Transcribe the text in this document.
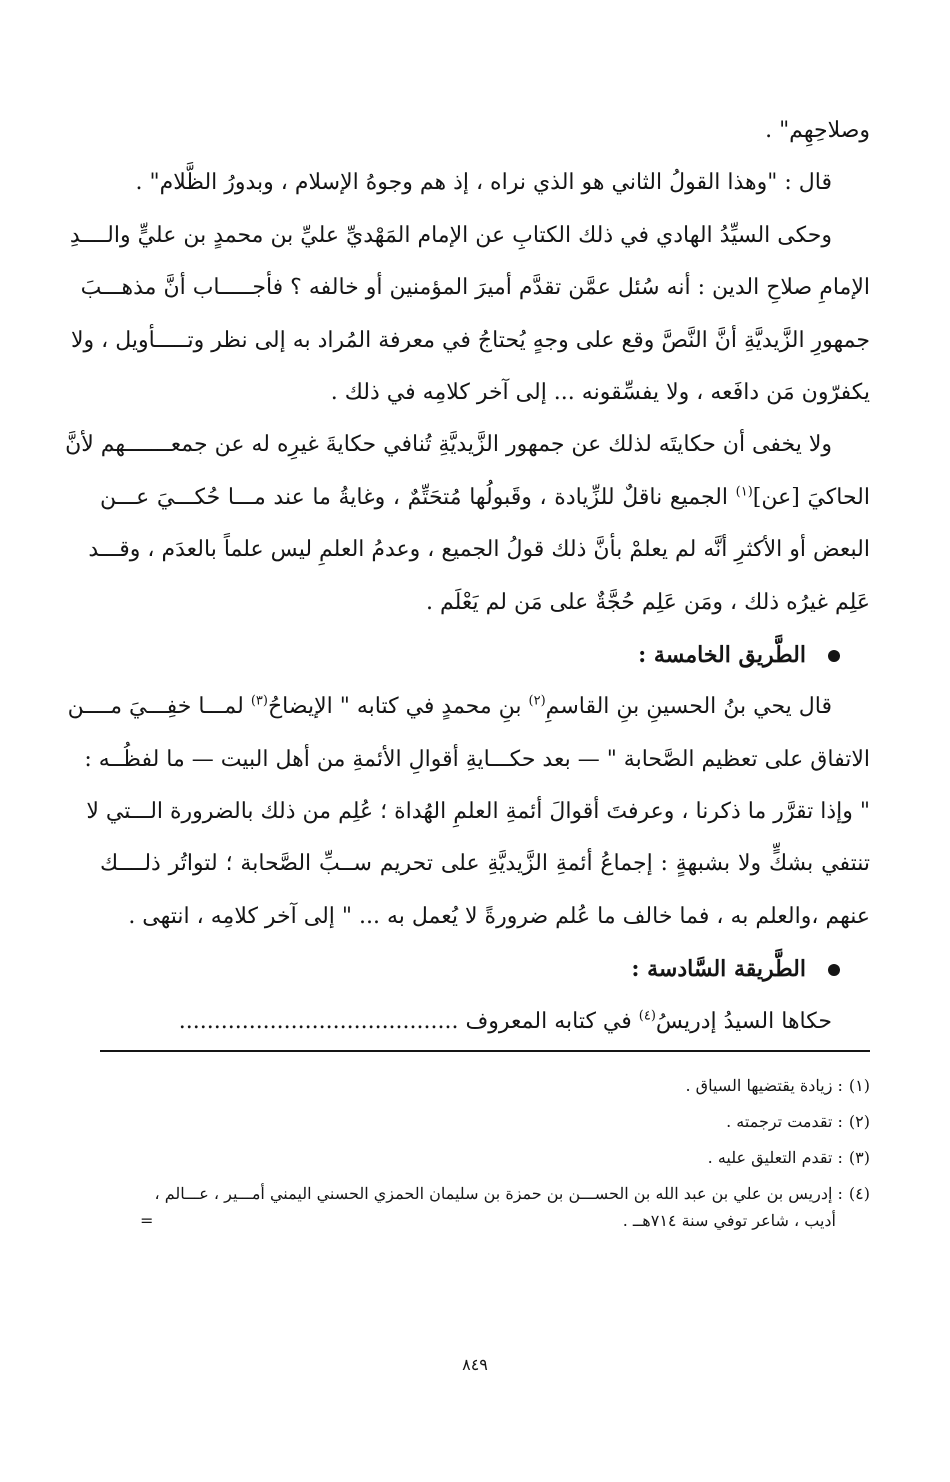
وصلاحِهِم" .
قال : "وهذا القولُ الثاني هو الذي نراه ، إذ هم وجوهُ الإسلام ، وبدورُ الظَّلام" .
وحكى السيِّدُ الهادي في ذلك الكتابِ عن الإمام المَهْديِّ عليِّ بن محمدٍ بن عليٍّ والــــدِ
الإمامِ صلاحِ الدين : أنه سُئل عمَّن تقدَّم أميرَ المؤمنين أو خالفه ؟ فأجـــــاب أنَّ مذهـــبَ
جمهورِ الزَّيديَّةِ أنَّ النَّصَّ وقع على وجهٍ يُحتاجُ في معرفة المُراد به إلى نظر وتـــــأويل ، ولا
يكفرّون مَن دافَعه ، ولا يفسِّقونه ... إلى آخر كلامِه في ذلك .
ولا يخفى أن حكايتَه لذلك عن جمهور الزَّيديَّةِ تُنافي حكايةَ غيرِه له عن جمعـــــــهم لأنَّ
الحاكيَ [عن]$^{(١)}$ الجميع ناقلٌ للزِّيادة ، وقَبولُها مُتحَتِّمٌ ، وغايةُ ما عند مـــا حُكـــيَ عـــن
البعض أو الأكثرِ أنَّه لم يعلمْ بأنَّ ذلك قولُ الجميع ، وعدمُ العلمِ ليس علماً بالعدَم ، وقـــد
عَلِم غيرُه ذلك ، ومَن عَلِم حُجَّةٌ على مَن لم يَعْلَم .
الطَّريق الخامسة :
قال يحي بنُ الحسينِ بنِ القاسمِ$^{(٢)}$ بنِ محمدٍ في كتابه " الإيضاحُ$^{(٣)}$ لمـــا خفِـــيَ مــــن
الاتفاق على تعظيم الصَّحابة " — بعد حكـــايةِ أقوالِ الأئمةِ من أهل البيت — ما لفظُــه :
" وإذا تقرَّر ما ذكرنا ، وعرفتَ أقوالَ أئمةِ العلمِ الهُداة ؛ عُلِم من ذلك بالضرورة الـــتي لا
تنتفي بشكٍّ ولا بشبهةٍ : إجماعُ أئمةِ الزَّيديَّةِ على تحريم ســبِّ الصَّحابة ؛ لتواتُر ذلــــك
عنهم ،والعلم به ، فما خالف ما عُلم ضرورةً لا يُعمل به ... " إلى آخر كلامِه ، انتهى .
الطَّريقة السَّادسة :
حكاها السيدُ إدريسُ$^{(٤)}$ في كتابه المعروف ........................................
(١): زيادة يقتضيها السياق .
(٢): تقدمت ترجمته .
(٣): تقدم التعليق عليه .
(٤): إدريس بن علي بن عبد الله بن الحســـن بن حمزة بن سليمان الحمزي الحسني اليمني أمـــير ، عـــالم ،
أديب ، شاعر توفي سنة ٧١٤هــ .
=
٨٤٩
